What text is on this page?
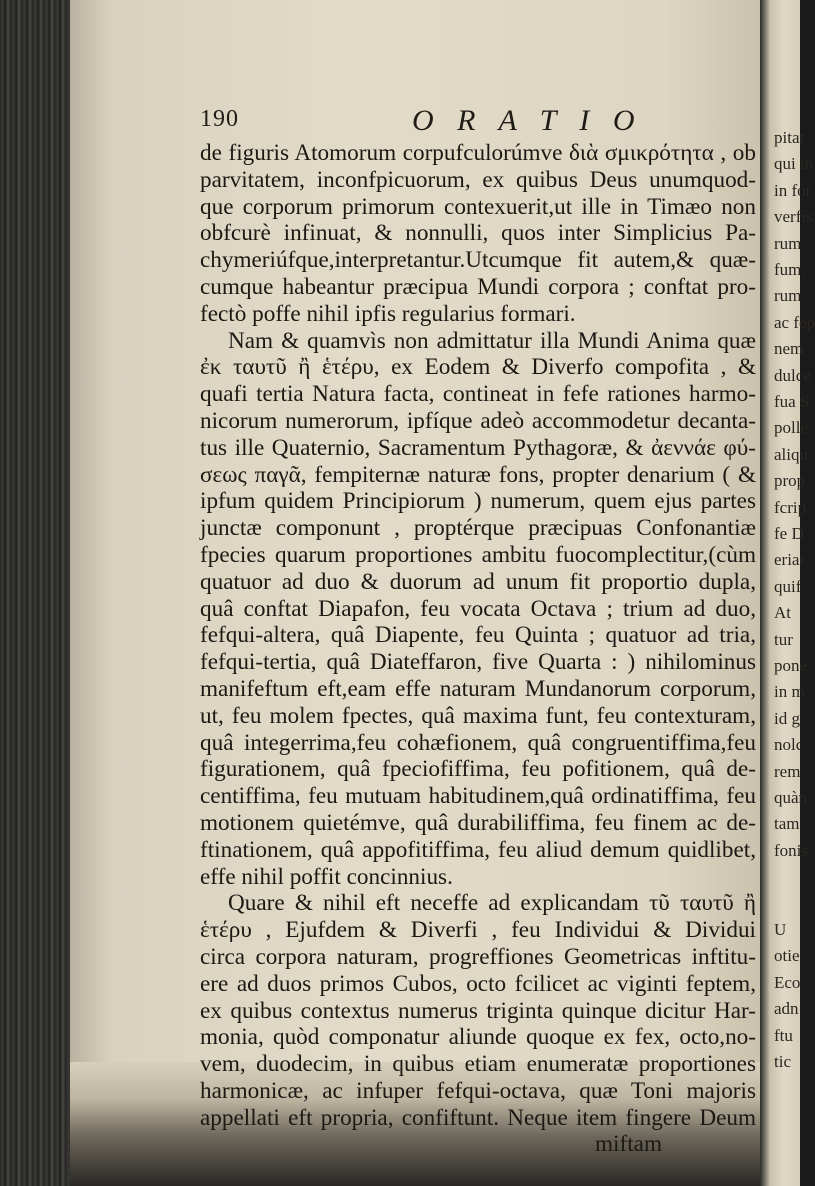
pitat
qui in
in for
verfis
rum
fum,
rum
ac fep
nem
dulce
fua S
polle
aliqu
prop
fcrip
fe D
eriar
quif
At
tur
pone
in m
id g
nolc
rem
quàn
tam
fonis
U
otie
Eco
adn
ftu
tic
190	O R A T I O
de figuris Atomorum corpufculorúmve διὰ σμικρότητα , ob
parvitatem, inconfpicuorum, ex quibus Deus unumquod-
que corporum primorum contexuerit,ut ille in Timæo non
obfcurè infinuat, & nonnulli, quos inter Simplicius Pa-
chymeriúfque,interpretantur.Utcumque fit autem,& quæ-
cumque habeantur præcipua Mundi corpora ; conftat pro-
fectò poffe nihil ipfis regularius formari.
Nam & quamvìs non admittatur illa Mundi Anima quæ
ἐκ ταυτῦ ἢ ἑτέρυ, ex Eodem & Diverfo compofita , &
quafi tertia Natura facta, contineat in fefe rationes harmo-
nicorum numerorum, ipfíque adeò accommodetur decanta-
tus ille Quaternio, Sacramentum Pythagoræ, & ἀεννάε φύ-
σεως παγᾶ, fempiternæ naturæ fons, propter denarium ( &
ipfum quidem Principiorum ) numerum, quem ejus partes
junctæ componunt , proptérque præcipuas Confonantiæ
fpecies quarum proportiones ambitu fuocomplectitur,(cùm
quatuor ad duo & duorum ad unum fit proportio dupla,
quâ conftat Diapafon, feu vocata Octava ; trium ad duo,
fefqui-altera, quâ Diapente, feu Quinta ; quatuor ad tria,
fefqui-tertia, quâ Diateffaron, five Quarta : ) nihilominus
manifeftum eft,eam effe naturam Mundanorum corporum,
ut, feu molem fpectes, quâ maxima funt, feu contexturam,
quâ integerrima,feu cohæfionem, quâ congruentiffima,feu
figurationem, quâ fpeciofiffima, feu pofitionem, quâ de-
centiffima, feu mutuam habitudinem,quâ ordinatiffima, feu
motionem quietémve, quâ durabiliffima, feu finem ac de-
ftinationem, quâ appofitiffima, feu aliud demum quidlibet,
effe nihil poffit concinnius.
Quare & nihil eft neceffe ad explicandam τῦ ταυτῦ ἢ
ἑτέρυ , Ejufdem & Diverfi , feu Individui & Dividui
circa corpora naturam, progreffiones Geometricas inftitu-
ere ad duos primos Cubos, octo fcilicet ac viginti feptem,
ex quibus contextus numerus triginta quinque dicitur Har-
monia, quòd componatur aliunde quoque ex fex, octo,no-
vem, duodecim, in quibus etiam enumeratæ proportiones
harmonicæ, ac infuper fefqui-octava, quæ Toni majoris
appellati eft propria, confiftunt. Neque item fingere Deum
miftam
